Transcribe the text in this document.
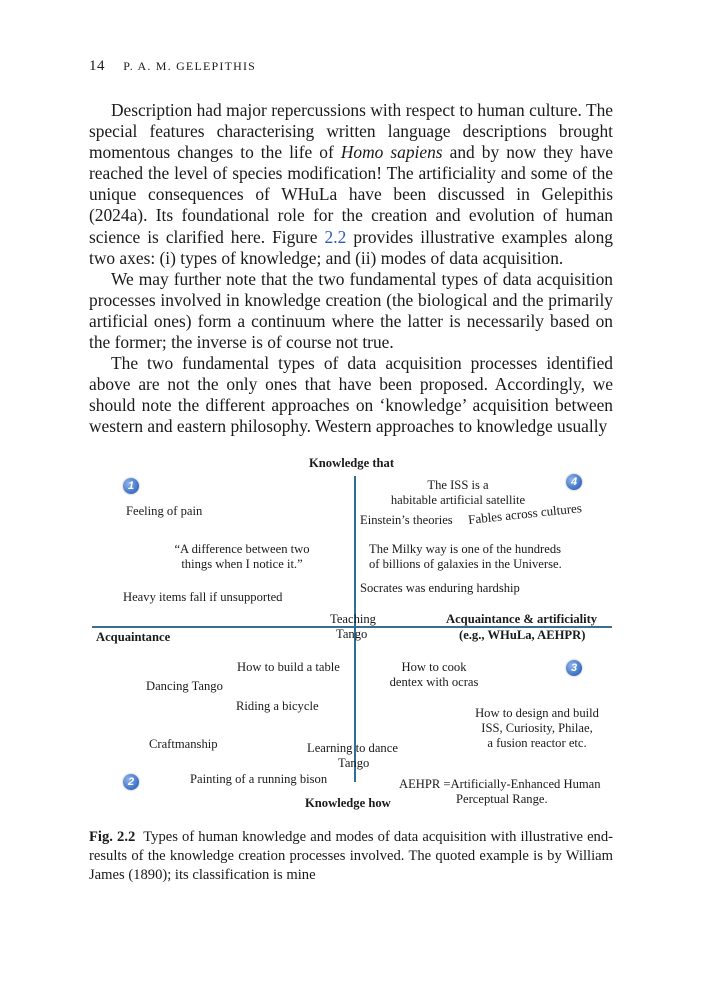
14 P. A. M. GELEPITHIS

Description had major repercussions with respect to human culture. The special features characterising written language descriptions brought momentous changes to the life of Homo sapiens and by now they have reached the level of species modification! The artificiality and some of the unique consequences of WHuLa have been discussed in Gelepithis (2024a). Its foundational role for the creation and evolution of human science is clarified here. Figure 2.2 provides illustrative examples along two axes: (i) types of knowledge; and (ii) modes of data acquisition.

We may further note that the two fundamental types of data acquisition processes involved in knowledge creation (the biological and the primarily artificial ones) form a continuum where the latter is necessarily based on the former; the inverse is of course not true.

The two fundamental types of data acquisition processes identified above are not the only ones that have been proposed. Accordingly, we should note the different approaches on ‘knowledge’ acquisition between western and eastern philosophy. Western approaches to knowledge usually

Knowledge that
Knowledge how
Acquaintance
Acquaintance & artificiality
(e.g., WHuLa, AEHPR)
1
2
3
4
Feeling of pain
“A difference between two
things when I notice it.”
Heavy items fall if unsupported
The ISS is a
habitable artificial satellite
Einstein’s theories Fables across cultures
The Milky way is one of the hundreds
of billions of galaxies in the Universe.
Socrates was enduring hardship
Teaching
Tango
Learning to dance
Tango
How to build a table
Dancing Tango
Riding a bicycle
Craftmanship
Painting of a running bison
How to cook
dentex with ocras
How to design and build
ISS, Curiosity, Philae,
a fusion reactor etc.
AEHPR =Artificially-Enhanced Human
Perceptual Range.
Fig. 2.2 Types of human knowledge and modes of data acquisition with illustrative end-results of the knowledge creation processes involved. The quoted example is by William James (1890); its classification is mine
